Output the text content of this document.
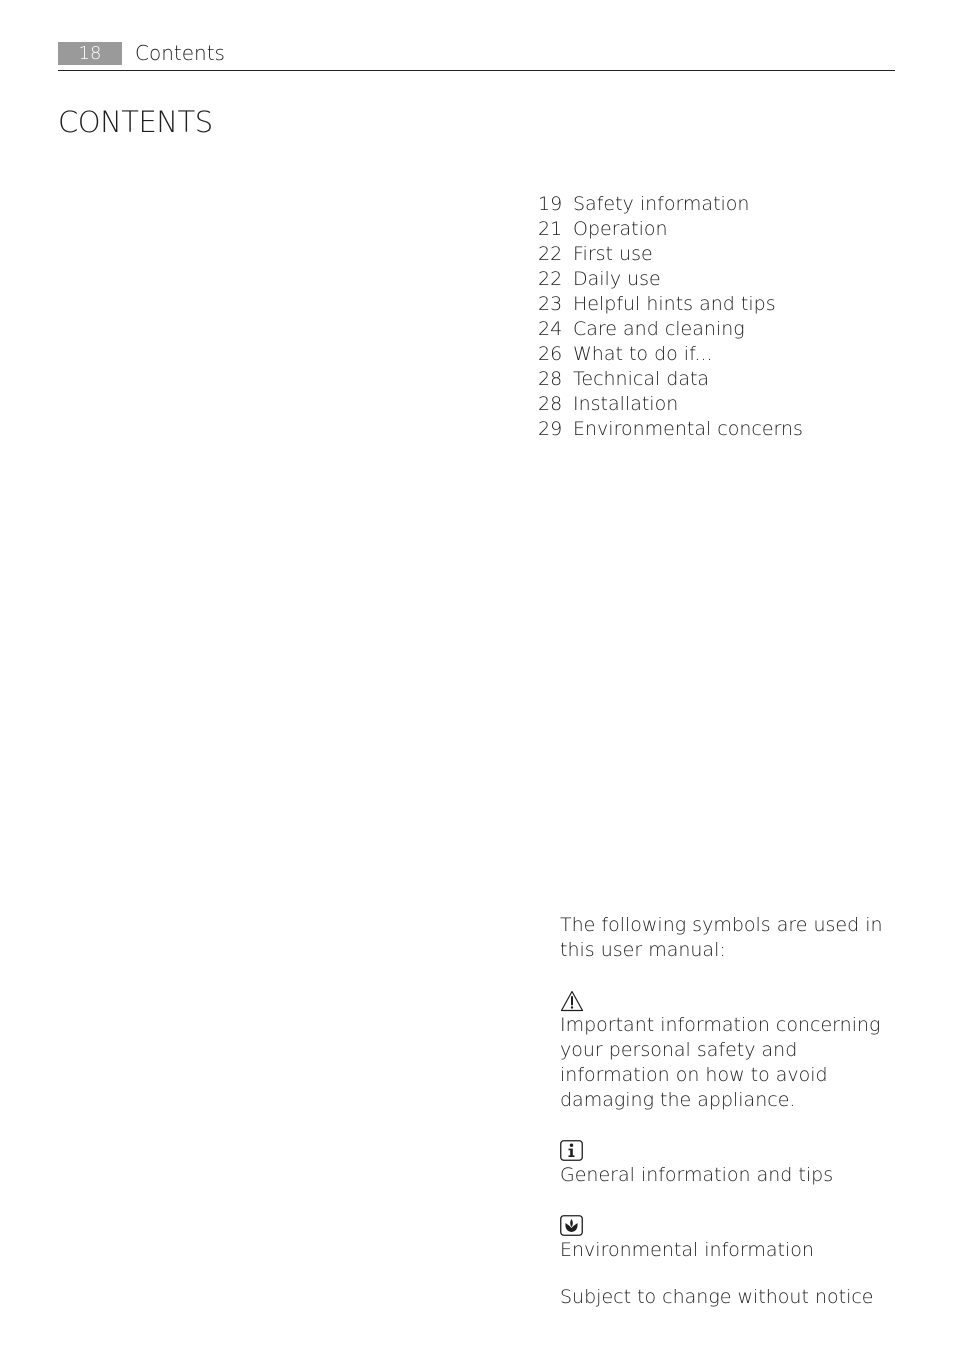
18	Contents
CONTENTS
19 Safety information
21 Operation
22 First use
22 Daily use
23 Helpful hints and tips
24 Care and cleaning
26 What to do if...
28 Technical data
28 Installation
29 Environmental concerns

The following symbols are used in this user manual:

Important information concerning your personal safety and information on how to avoid damaging the appliance.

General information and tips

Environmental information

Subject to change without notice
